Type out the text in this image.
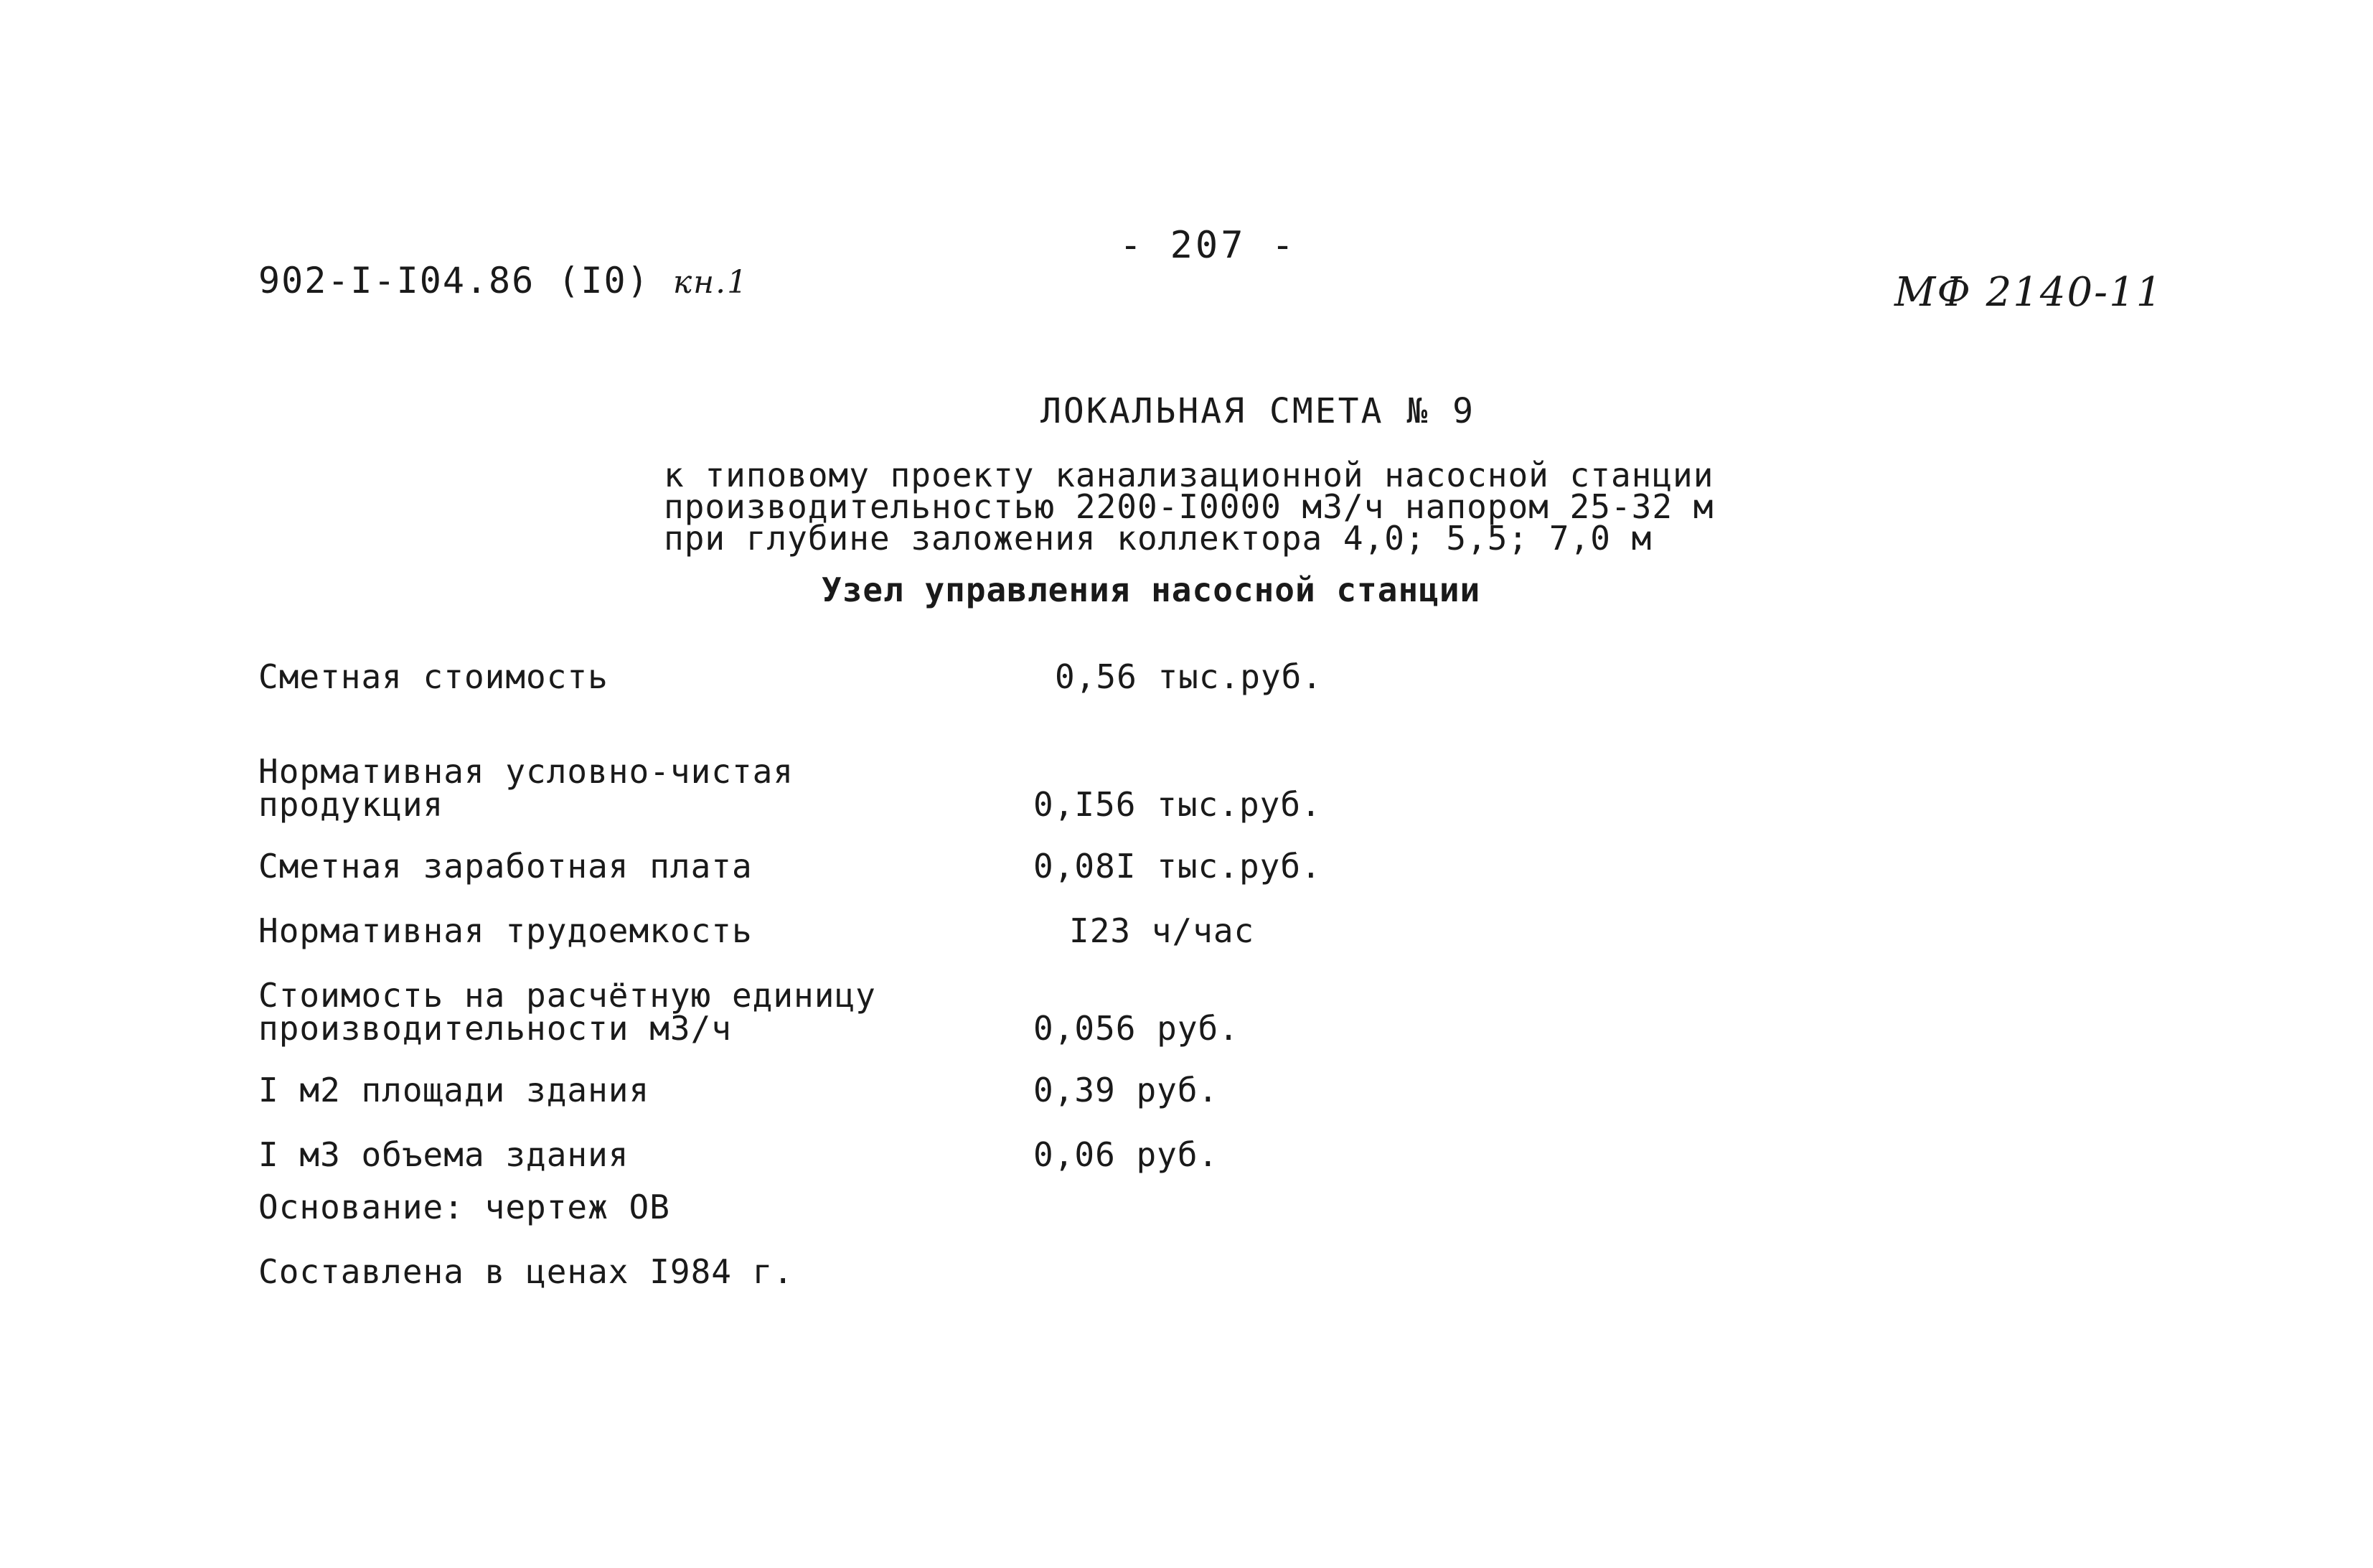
902-I-I04.86 (I0) кн.1
- 207 -
МФ 2140-11
ЛОКАЛЬНАЯ СМЕТА № 9
к типовому проекту канализационной насосной станции
производительностью 2200-I0000 м3/ч напором 25-32 м
при глубине заложения коллектора 4,0; 5,5; 7,0 м
Узел управления насосной станции
Сметная стоимость	0,56 тыс.руб.
Нормативная условно-чистая
продукция	0,I56 тыс.руб.
Сметная заработная плата	0,08I тыс.руб.
Нормативная трудоемкость	I23 ч/час
Стоимость на расчётную единицу
производительности м3/ч	0,056 руб.
I м2 площади здания	0,39 руб.
I м3 объема здания	0,06 руб.
Основание: чертеж ОВ
Составлена в ценах I984 г.
